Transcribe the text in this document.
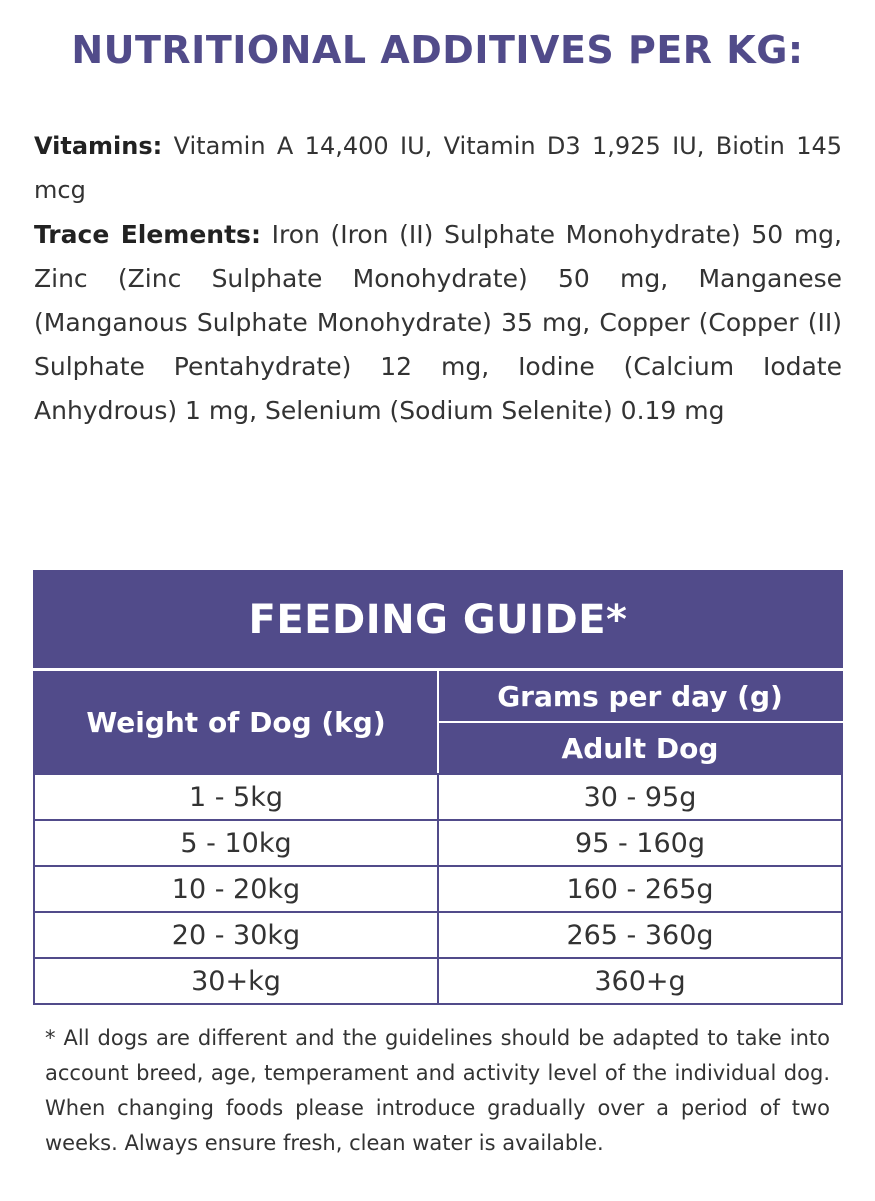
NUTRITIONAL ADDITIVES PER KG:

Vitamins: Vitamin A 14,400 IU, Vitamin D3 1,925 IU, Biotin 145 mcg

Trace Elements: Iron (Iron (II) Sulphate Monohydrate) 50 mg, Zinc (Zinc Sulphate Monohydrate) 50 mg, Manganese (Manganous Sulphate Monohydrate) 35 mg, Copper (Copper (II) Sulphate Pentahydrate) 12 mg, Iodine (Calcium Iodate Anhydrous) 1 mg, Selenium (Sodium Selenite) 0.19 mg

FEEDING GUIDE*	
Weight of Dog (kg)	Grams per day (g)
	Adult Dog
1 - 5kg	30 - 95g
5 - 10kg	95 - 160g
10 - 20kg	160 - 265g
20 - 30kg	265 - 360g
30+kg	360+g

* All dogs are different and the guidelines should be adapted to take into account breed, age, temperament and activity level of the individual dog. When changing foods please introduce gradually over a period of two weeks. Always ensure fresh, clean water is available.
